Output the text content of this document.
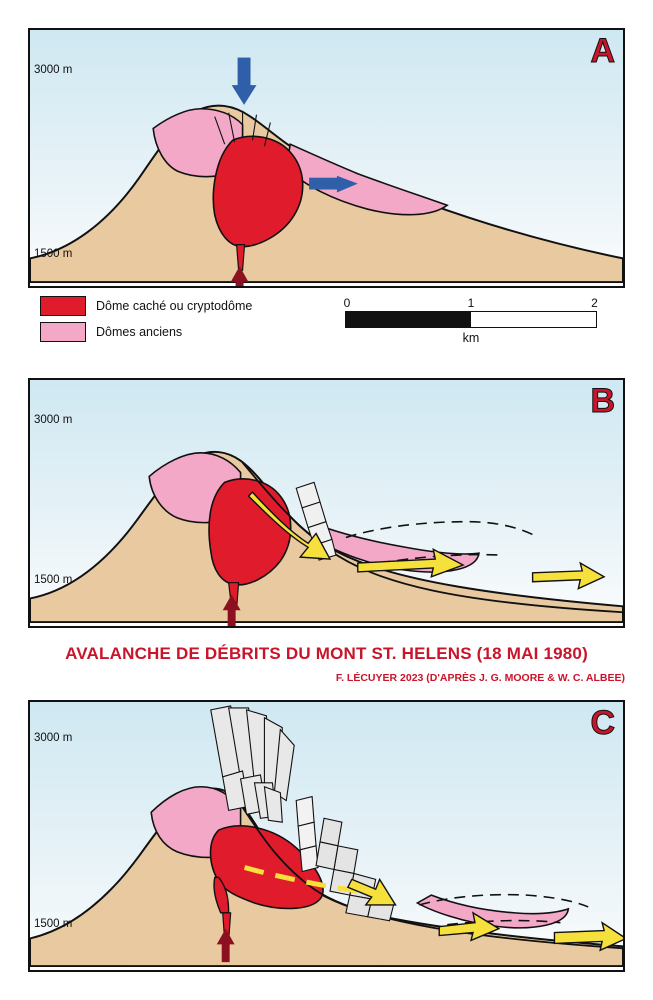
A
3000 m
1500 m
Dôme caché ou cryptodôme
Dômes anciens
0	1	2
km
B
3000 m
1500 m
AVALANCHE DE DÉBRITS DU MONT ST. HELENS (18 MAI 1980)
F. LÉCUYER 2023 (D'APRÈS J. G. MOORE & W. C. ALBEE)
C
3000 m
1500 m
